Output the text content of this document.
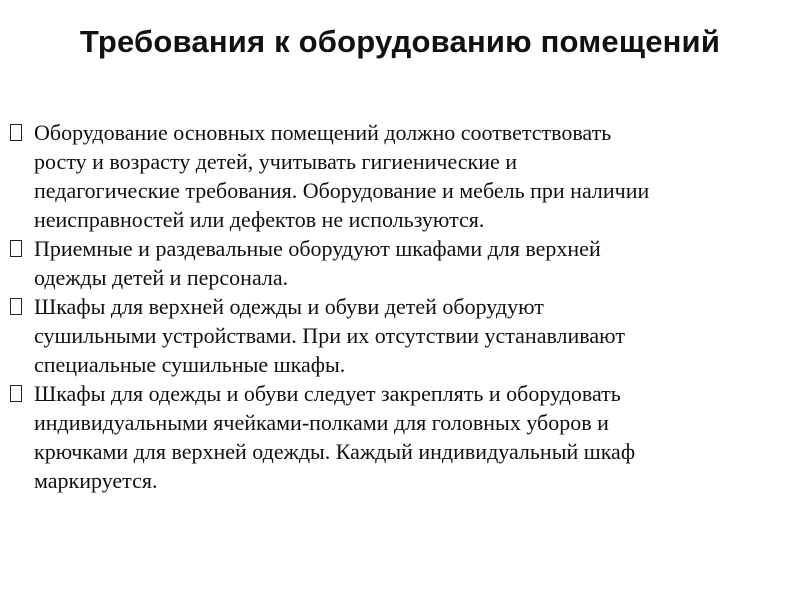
Требования к оборудованию помещений
Оборудование основных помещений должно соответствовать
росту и возрасту детей, учитывать гигиенические и
педагогические требования. Оборудование и мебель при наличии
неисправностей или дефектов не используются.
Приемные и раздевальные оборудуют шкафами для верхней
одежды детей и персонала.
Шкафы для верхней одежды и обуви детей оборудуют
сушильными устройствами. При их отсутствии устанавливают
специальные сушильные шкафы.
Шкафы для одежды и обуви следует закреплять и оборудовать
индивидуальными ячейками-полками для головных уборов и
крючками для верхней одежды. Каждый индивидуальный шкаф
маркируется.
